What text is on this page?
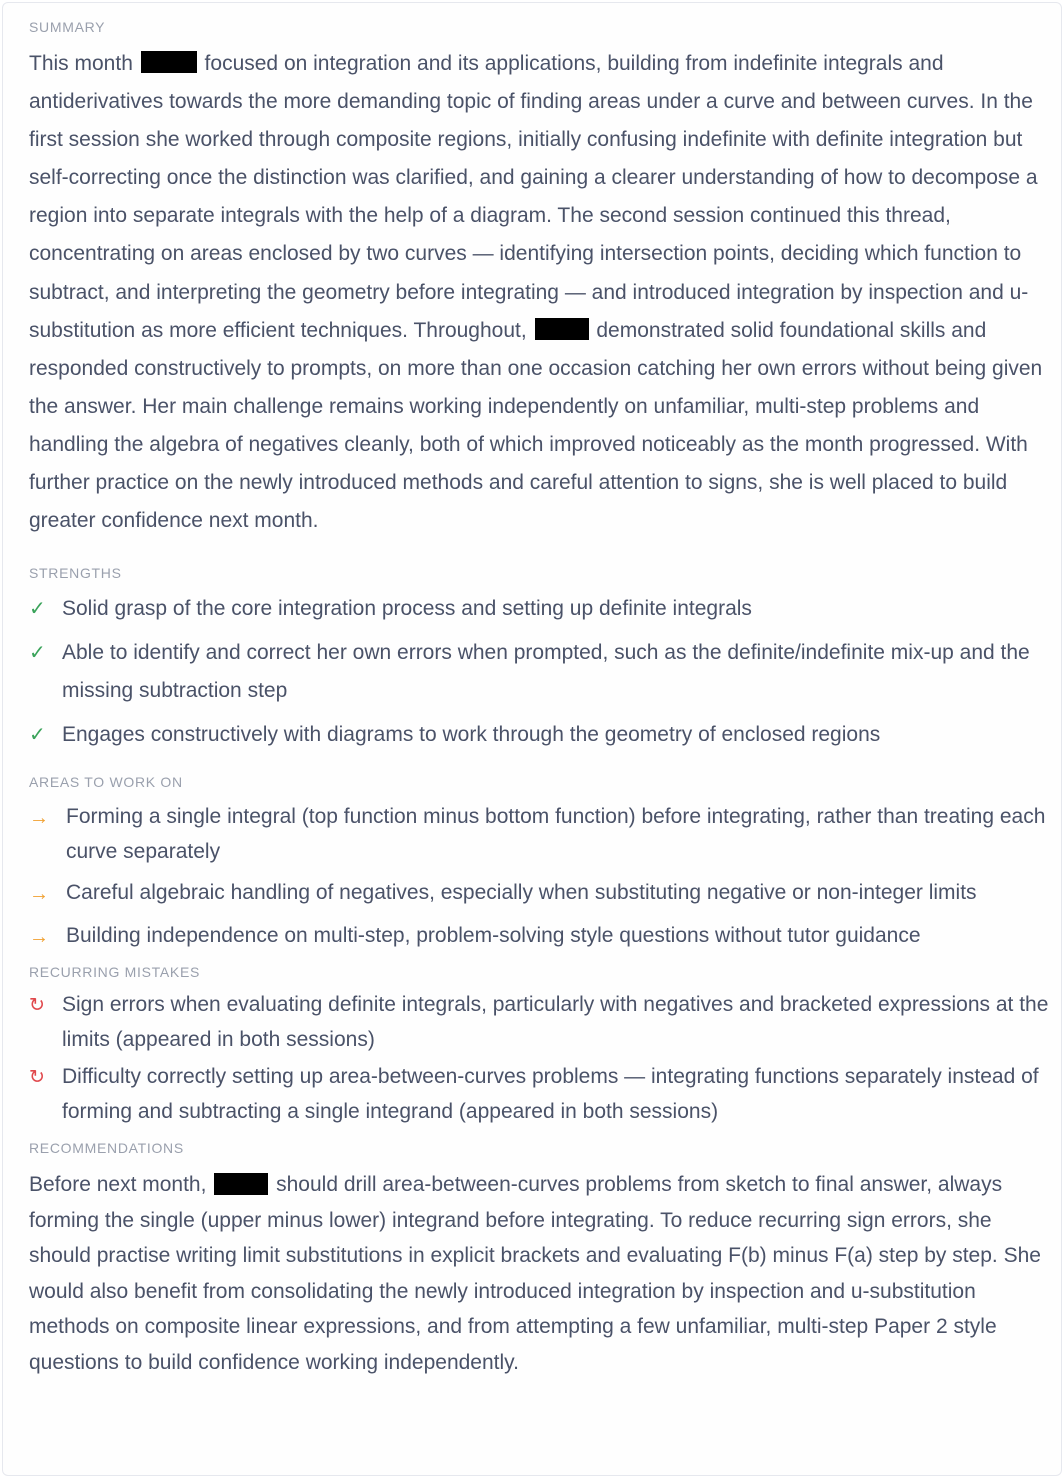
SUMMARY

This month	focused on integration and its applications, building from indefinite integrals and antiderivatives towards the more demanding topic of finding areas under a curve and between curves. In the first session she worked through composite regions, initially confusing indefinite with definite integration but self-correcting once the distinction was clarified, and gaining a clearer understanding of how to decompose a region into separate integrals with the help of a diagram. The second session continued this thread, concentrating on areas enclosed by two curves — identifying intersection points, deciding which function to subtract, and interpreting the geometry before integrating — and introduced integration by inspection and u-substitution as more efficient techniques. Throughout,	demonstrated solid foundational skills and responded constructively to prompts, on more than one occasion catching her own errors without being given the answer. Her main challenge remains working independently on unfamiliar, multi-step problems and handling the algebra of negatives cleanly, both of which improved noticeably as the month progressed. With further practice on the newly introduced methods and careful attention to signs, she is well placed to build greater confidence next month.

STRENGTHS
✓ Solid grasp of the core integration process and setting up definite integrals
✓ Able to identify and correct her own errors when prompted, such as the definite/indefinite mix-up and the missing subtraction step
✓ Engages constructively with diagrams to work through the geometry of enclosed regions
AREAS TO WORK ON
→ Forming a single integral (top function minus bottom function) before integrating, rather than treating each curve separately
→ Careful algebraic handling of negatives, especially when substituting negative or non-integer limits
→ Building independence on multi-step, problem-solving style questions without tutor guidance
RECURRING MISTAKES
↻ Sign errors when evaluating definite integrals, particularly with negatives and bracketed expressions at the limits (appeared in both sessions)
↻ Difficulty correctly setting up area-between-curves problems — integrating functions separately instead of forming and subtracting a single integrand (appeared in both sessions)
RECOMMENDATIONS

Before next month,	should drill area-between-curves problems from sketch to final answer, always forming the single (upper minus lower) integrand before integrating. To reduce recurring sign errors, she should practise writing limit substitutions in explicit brackets and evaluating F(b) minus F(a) step by step. She would also benefit from consolidating the newly introduced integration by inspection and u-substitution methods on composite linear expressions, and from attempting a few unfamiliar, multi-step Paper 2 style questions to build confidence working independently.
